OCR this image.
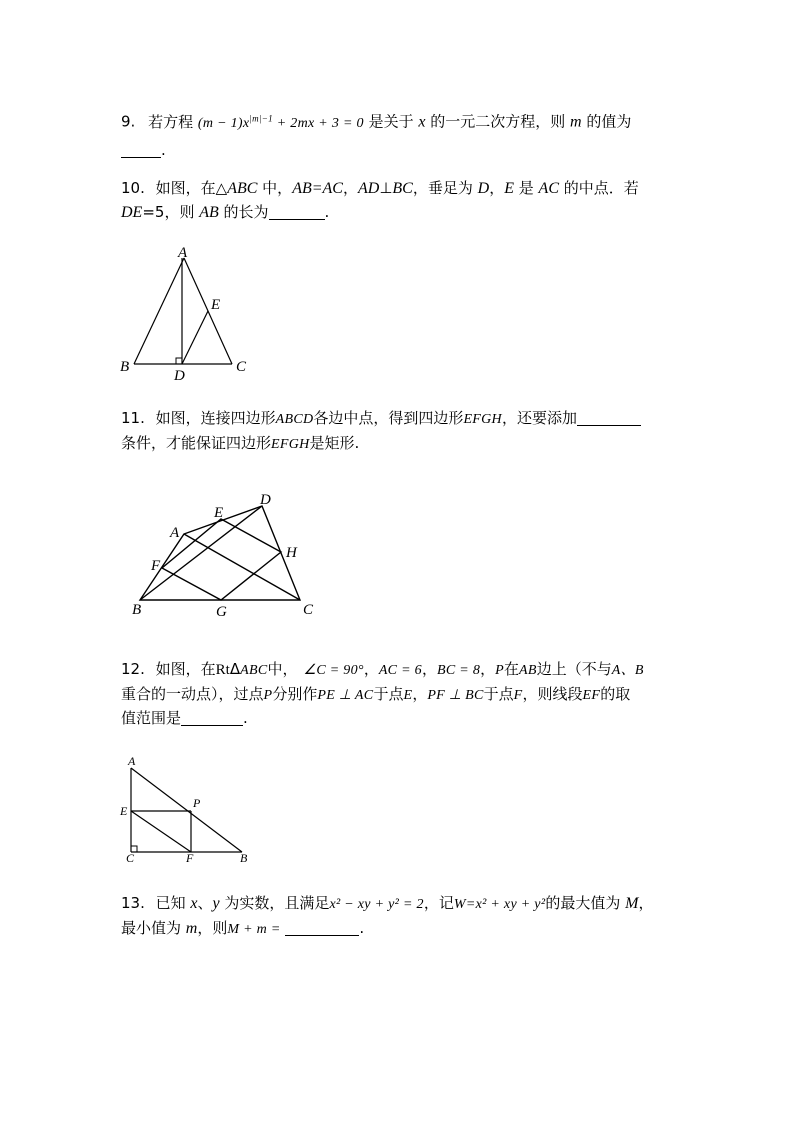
9. 若方程 $(m - 1)x^{|m|-1} + 2mx + 3 = 0$ 是关于 x 的一元二次方程，则 m 的值为
.
10. 如图，在△ABC 中，AB=AC，AD⊥BC，垂足为 D，E 是 AC 的中点．若
DE=5，则 AB 的长为	.
A
B	C
D
E
11. 如图，连接四边形ABCD各边中点，得到四边形EFGH，还要添加
条件，才能保证四边形EFGH是矩形.
A
B	C
D
E
F
G
H
12. 如图，在RtΔABC中， ∠C = 90°，AC = 6，BC = 8，P在AB边上（不与A、B
重合的一动点），过点P分别作PE ⊥ AC于点E，PF ⊥ BC于点F，则线段EF的取
值范围是	.
A
E
P
C	F	B
13. 已知 x、y 为实数，且满足x² − xy + y² = 2，记W=x² + xy + y²的最大值为 M，
最小值为 m，则M + m =	.
